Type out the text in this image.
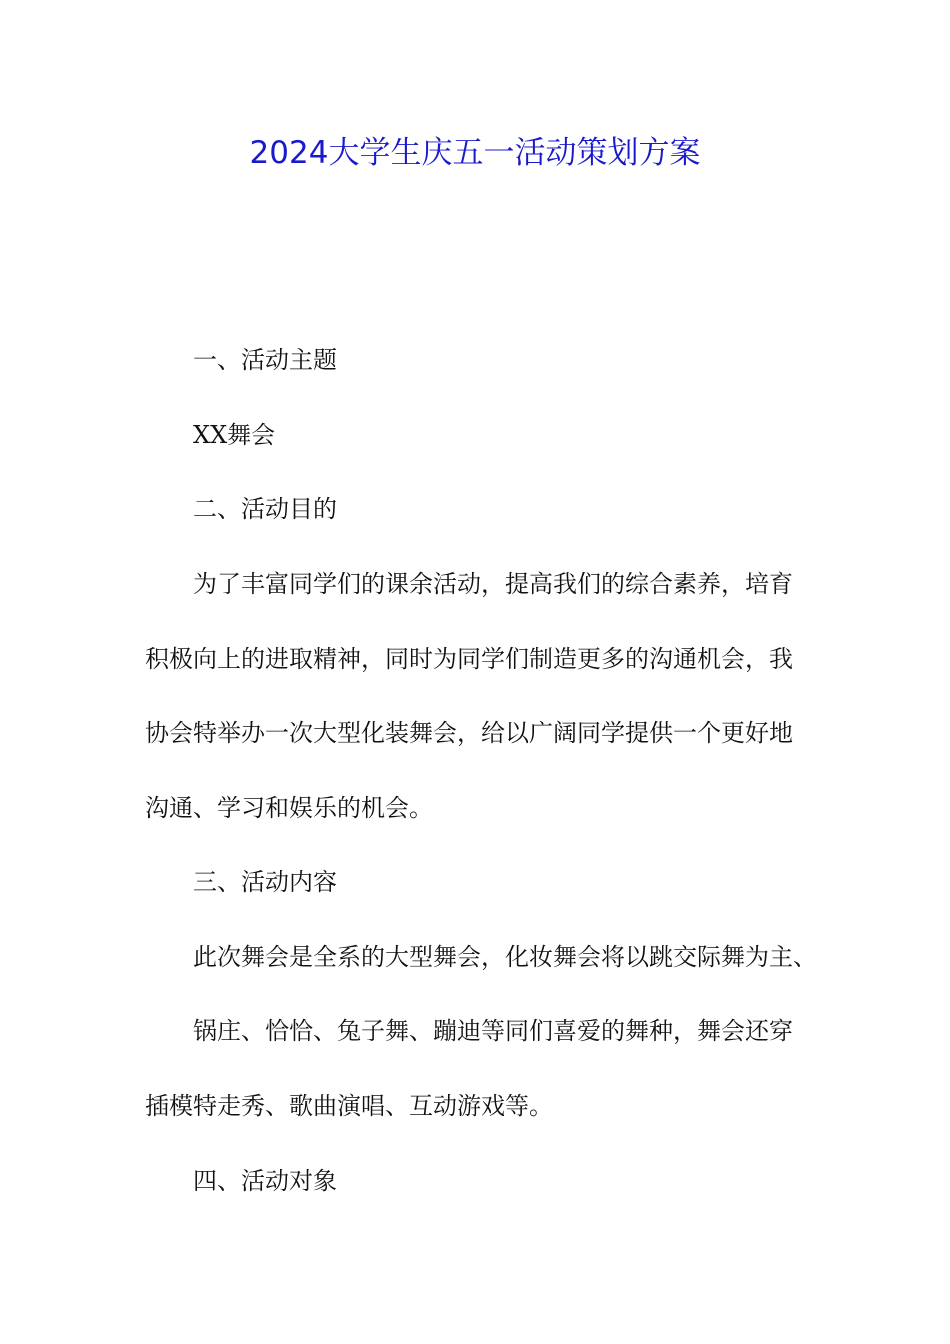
2024大学生庆五一活动策划方案

一、活动主题

XX舞会

二、活动目的

为了丰富同学们的课余活动，提高我们的综合素养，培育

积极向上的进取精神，同时为同学们制造更多的沟通机会，我

协会特举办一次大型化装舞会，给以广阔同学提供一个更好地

沟通、学习和娱乐的机会。

三、活动内容

此次舞会是全系的大型舞会，化妆舞会将以跳交际舞为主、

锅庄、恰恰、兔子舞、蹦迪等同们喜爱的舞种，舞会还穿

插模特走秀、歌曲演唱、互动游戏等。

四、活动对象
